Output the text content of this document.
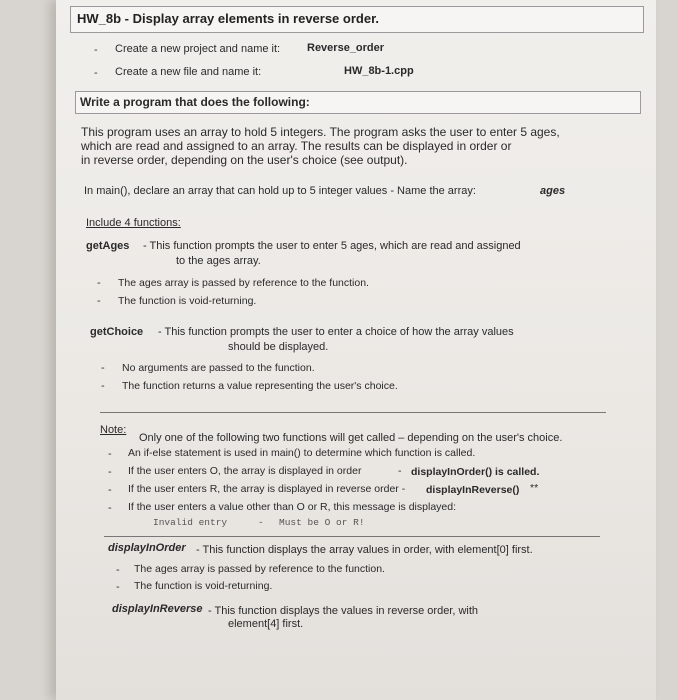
HW_8b - Display array elements in reverse order.
- Create a new project and name it: Reverse_order
- Create a new file and name it:	HW_8b-1.cpp
Write a program that does the following:
This program uses an array to hold 5 integers. The program asks the user to enter 5 ages,
which are read and assigned to an array. The results can be displayed in order or
in reverse order, depending on the user's choice (see output).
In main(), declare an array that can hold up to 5 integer values - Name the array:	ages
Include 4 functions:
getAges - This function prompts the user to enter 5 ages, which are read and assigned
to the ages array.
- The ages array is passed by reference to the function.
- The function is void-returning.
getChoice - This function prompts the user to enter a choice of how the array values
should be displayed.
- No arguments are passed to the function.
- The function returns a value representing the user's choice.
Note:
Only one of the following two functions will get called – depending on the user's choice.
- An if-else statement is used in main() to determine which function is called.
- If the user enters O, the array is displayed in order	- displayInOrder() is called.
- If the user enters R, the array is displayed in reverse order - displayInReverse() **
- If the user enters a value other than O or R, this message is displayed:
Invalid entry	- Must be O or R!
displayInOrder - This function displays the array values in order, with element[0] first.
- The ages array is passed by reference to the function.
- The function is void-returning.
displayInReverse - This function displays the values in reverse order, with
element[4] first.
